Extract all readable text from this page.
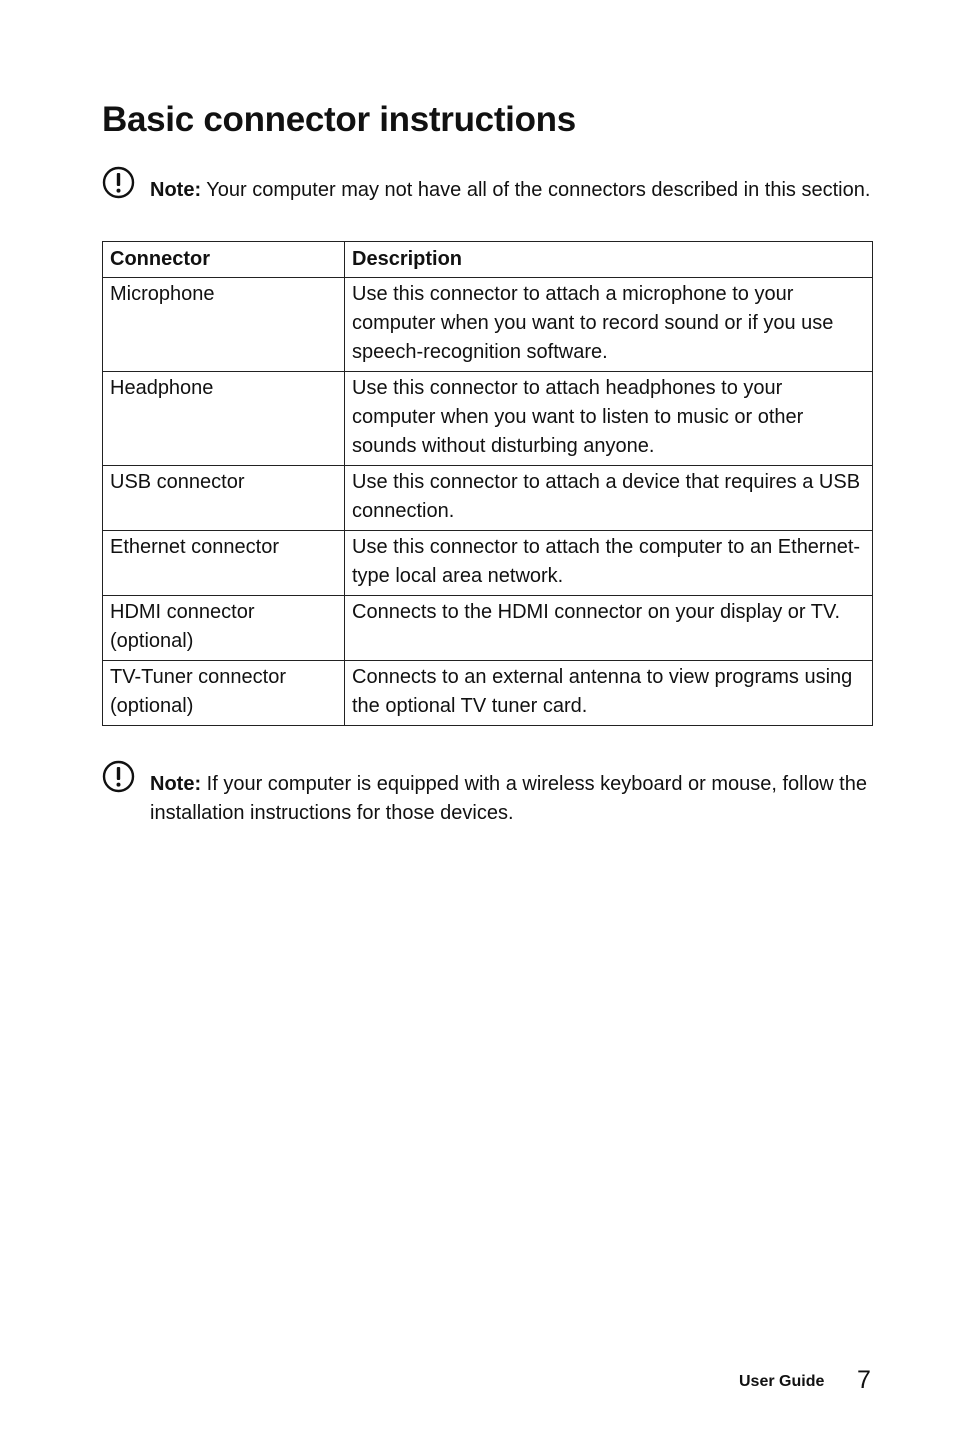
Basic connector instructions
Note: Your computer may not have all of the connectors described in this section.
Connector	Description
Microphone	Use this connector to attach a microphone to your computer when you want to record sound or if you use speech-recognition software.
Headphone	Use this connector to attach headphones to your computer when you want to listen to music or other sounds without disturbing anyone.
USB connector	Use this connector to attach a device that requires a USB connection.
Ethernet connector	Use this connector to attach the computer to an Ethernet-type local area network.
HDMI connector (optional)	Connects to the HDMI connector on your display or TV.
TV-Tuner connector (optional)	Connects to an external antenna to view programs using the optional TV tuner card.
Note: If your computer is equipped with a wireless keyboard or mouse, follow the installation instructions for those devices.
User Guide 7
